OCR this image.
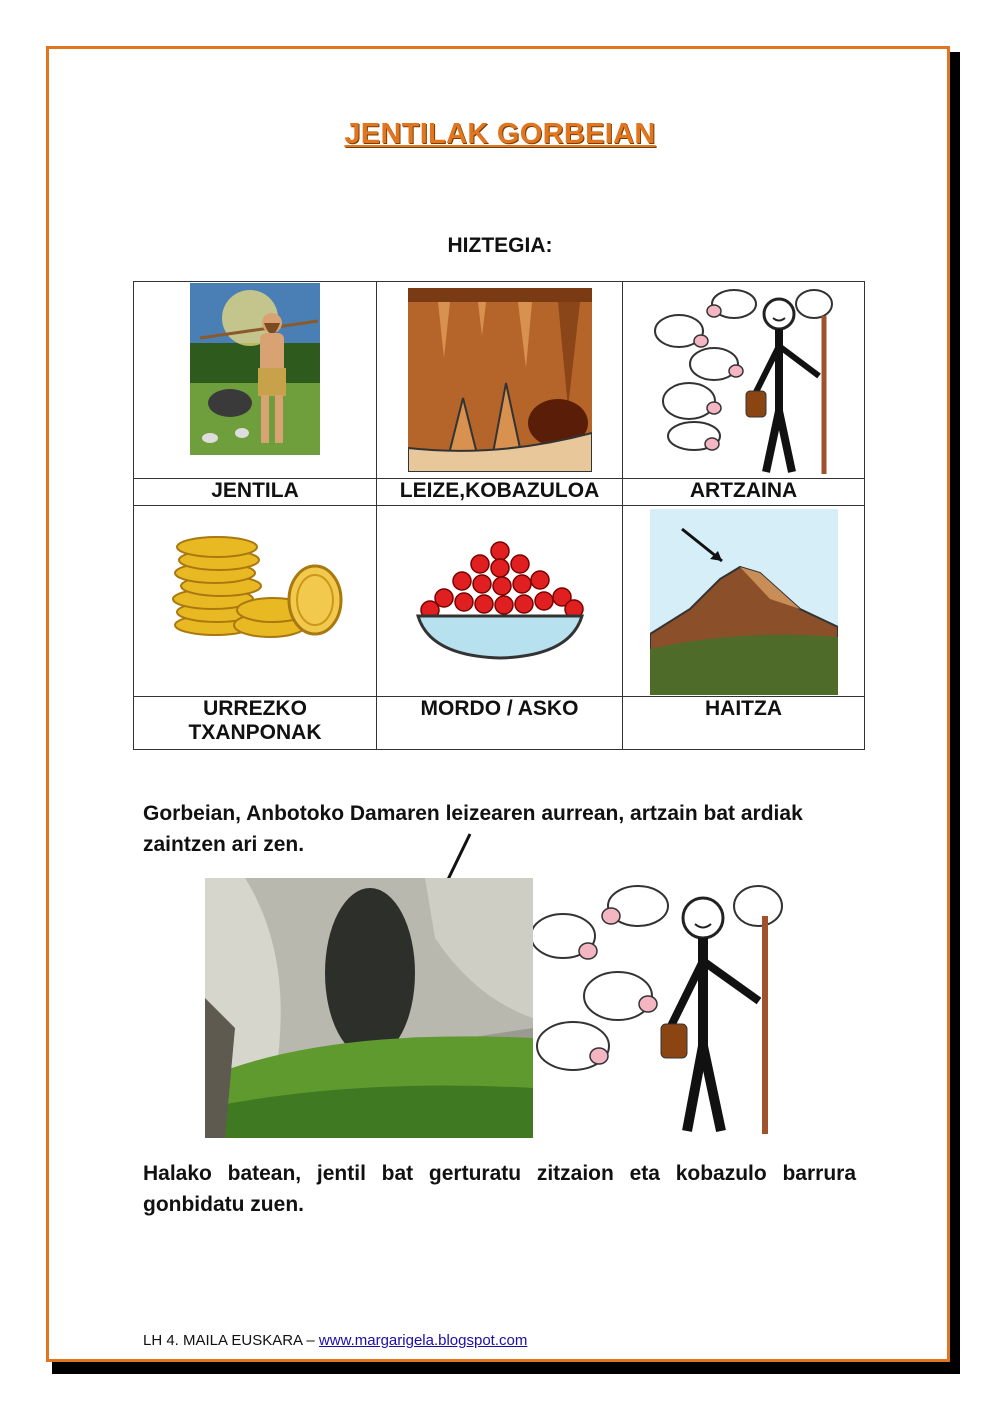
JENTILAK GORBEIAN
HIZTEGIA:

JENTILA	LEIZE,KOBAZULOA	ARTZAINA

URREZKO TXANPONAK	MORDO / ASKO	HAITZA
Gorbeian, Anbotoko Damaren leizearen aurrean, artzain bat ardiak zaintzen ari zen.
Halako batean, jentil bat gerturatu zitzaion eta kobazulo barrura gonbidatu zuen.
LH 4. MAILA EUSKARA – www.margarigela.blogspot.com
